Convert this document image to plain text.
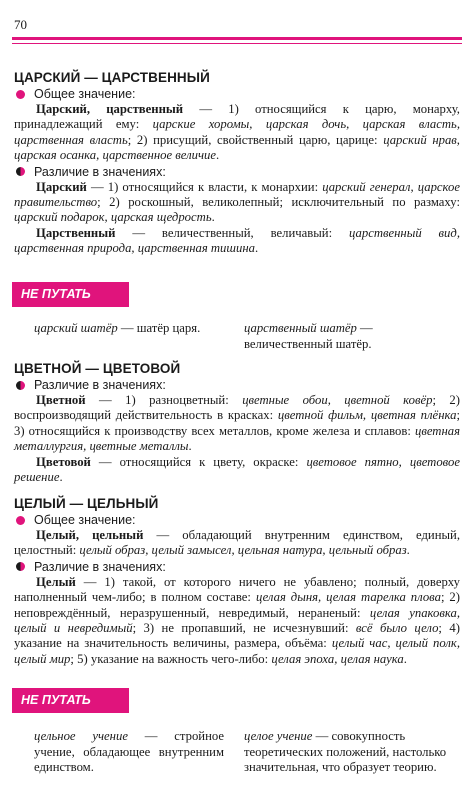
70
ЦАРСКИЙ — ЦАРСТВЕННЫЙ
Общее значение:

Царский, царственный — 1) относящийся к царю, монарху, принадлежащий ему: царские хоромы, царская дочь, царская власть, царственная власть; 2) присущий, свойственный царю, царице: царский нрав, царская осанка, царственное величие.

Различие в значениях:

Царский — 1) относящийся к власти, к монархии: царский генерал, царское правительство; 2) роскошный, великолепный; исключительный по размаху: царский подарок, царская щедрость.

Царственный — величественный, величавый: царственный вид, царственная природа, царственная тишина.

НЕ ПУТАТЬ
царский шатёр — шатёр царя.	царственный шатёр — величественный шатёр.
ЦВЕТНОЙ — ЦВЕТОВОЙ
Различие в значениях:

Цветной — 1) разноцветный: цветные обои, цветной ковёр; 2) воспроизводящий действительность в красках: цветной фильм, цветная плёнка; 3) относящийся к производству всех металлов, кроме железа и сплавов: цветная металлургия, цветные металлы.

Цветовой — относящийся к цвету, окраске: цветовое пятно, цветовое решение.

ЦЕЛЫЙ — ЦЕЛЬНЫЙ
Общее значение:

Целый, цельный — обладающий внутренним единством, единый, целостный: целый образ, целый замысел, цельная натура, цельный образ.

Различие в значениях:

Целый — 1) такой, от которого ничего не убавлено; полный, доверху наполненный чем-либо; в полном составе: целая дыня, целая тарелка плова; 2) неповреждённый, неразрушенный, невредимый, нераненый: целая упаковка, целый и невредимый; 3) не пропавший, не исчезнувший: всё было цело; 4) указание на значительность величины, размера, объёма: целый час, целый полк, целый мир; 5) указание на важность чего-либо: целая эпоха, целая наука.

НЕ ПУТАТЬ
цельное учение — стройное учение, обладающее внутренним единством.
целое учение — совокупность теоретических положений, настолько значительная, что образует теорию.
